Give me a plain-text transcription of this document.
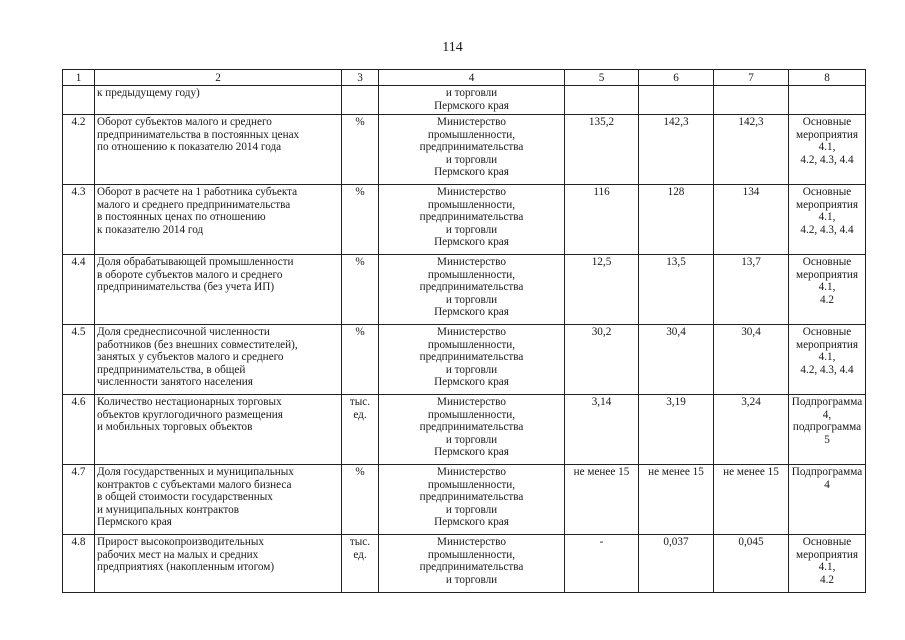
114
1	2	3	4	5	6	7	8
	к предыдущему году)		и торговли
Пермского края				
4.2	Оборот субъектов малого и среднего
предпринимательства в постоянных ценах
по отношению к показателю 2014 года	%	Министерство
промышленности,
предпринимательства
и торговли
Пермского края	135,2	142,3	142,3	Основные
мероприятия 4.1,
4.2, 4.3, 4.4
4.3	Оборот в расчете на 1 работника субъекта
малого и среднего предпринимательства
в постоянных ценах по отношению
к показателю 2014 год	%	Министерство
промышленности,
предпринимательства
и торговли
Пермского края	116	128	134	Основные
мероприятия 4.1,
4.2, 4.3, 4.4
4.4	Доля обрабатывающей промышленности
в обороте субъектов малого и среднего
предпринимательства (без учета ИП)	%	Министерство
промышленности,
предпринимательства
и торговли
Пермского края	12,5	13,5	13,7	Основные
мероприятия 4.1,
4.2
4.5	Доля среднесписочной численности
работников (без внешних совместителей),
занятых у субъектов малого и среднего
предпринимательства, в общей
численности занятого населения	%	Министерство
промышленности,
предпринимательства
и торговли
Пермского края	30,2	30,4	30,4	Основные
мероприятия 4.1,
4.2, 4.3, 4.4
4.6	Количество нестационарных торговых
объектов круглогодичного размещения
и мобильных торговых объектов	тыс.
ед.	Министерство
промышленности,
предпринимательства
и торговли
Пермского края	3,14	3,19	3,24	Подпрограмма 4,
подпрограмма 5
4.7	Доля государственных и муниципальных
контрактов с субъектами малого бизнеса
в общей стоимости государственных
и муниципальных контрактов
Пермского края	%	Министерство
промышленности,
предпринимательства
и торговли
Пермского края	не менее 15	не менее 15	не менее 15	Подпрограмма 4
4.8	Прирост высокопроизводительных
рабочих мест на малых и средних
предприятиях (накопленным итогом)	тыс.
ед.	Министерство
промышленности,
предпринимательства
и торговли	-	0,037	0,045	Основные
мероприятия 4.1,
4.2
